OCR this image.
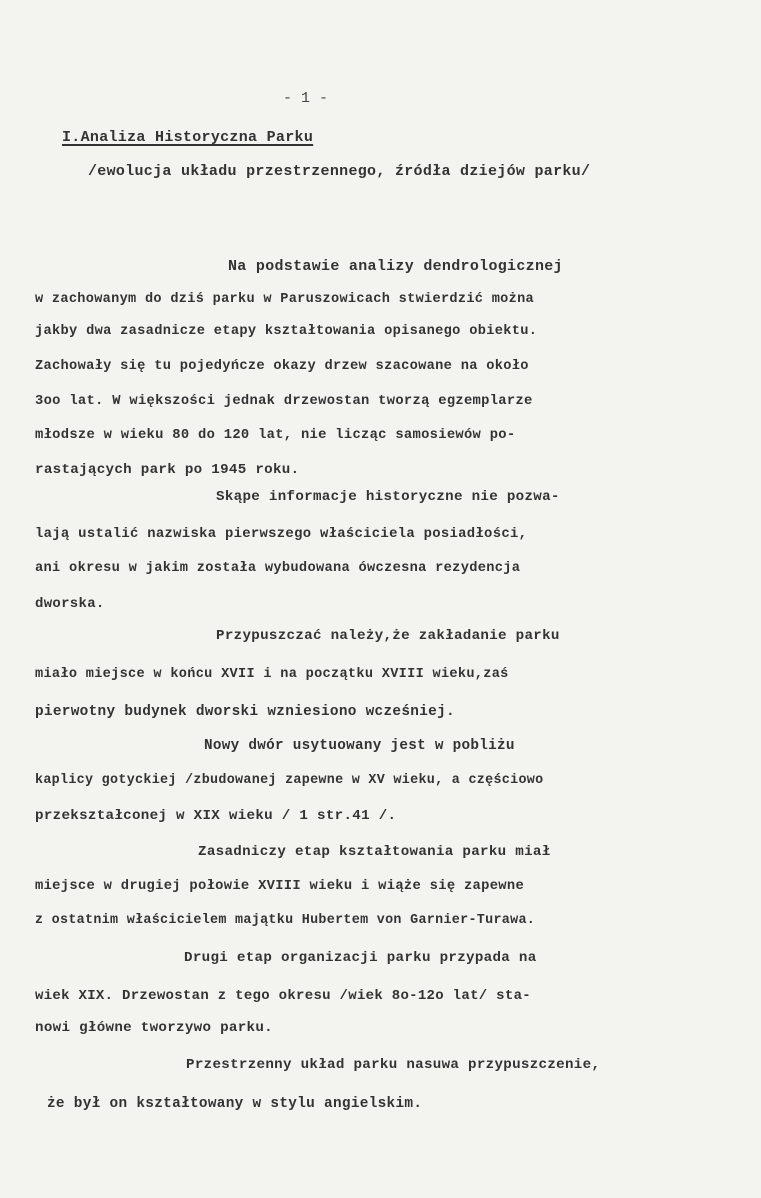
- 1 -
I.Analiza Historyczna Parku
/ewolucja układu przestrzennego, źródła dziejów parku/
Na podstawie analizy dendrologicznej
w zachowanym do dziś parku w Paruszowicach stwierdzić można
jakby dwa zasadnicze etapy kształtowania opisanego obiektu.
Zachowały się tu pojedyńcze okazy drzew szacowane na około
3oo lat. W większości jednak drzewostan tworzą egzemplarze
młodsze w wieku 80 do 120 lat, nie licząc samosiewów po-
rastających park po 1945 roku.
Skąpe informacje historyczne nie pozwa-
lają ustalić nazwiska pierwszego właściciela posiadłości,
ani okresu w jakim została wybudowana ówczesna rezydencja
dworska.
Przypuszczać należy,że zakładanie parku
miało miejsce w końcu XVII i na początku XVIII wieku,zaś
pierwotny budynek dworski wzniesiono wcześniej.
Nowy dwór usytuowany jest w pobliżu
kaplicy gotyckiej /zbudowanej zapewne w XV wieku, a częściowo
przekształconej w XIX wieku / 1 str.41 /.
Zasadniczy etap kształtowania parku miał
miejsce w drugiej połowie XVIII wieku i wiąże się zapewne
z ostatnim właścicielem majątku Hubertem von Garnier-Turawa.
Drugi etap organizacji parku przypada na
wiek XIX. Drzewostan z tego okresu /wiek 8o-12o lat/ sta-
nowi główne tworzywo parku.
Przestrzenny układ parku nasuwa przypuszczenie,
że był on kształtowany w stylu angielskim.
